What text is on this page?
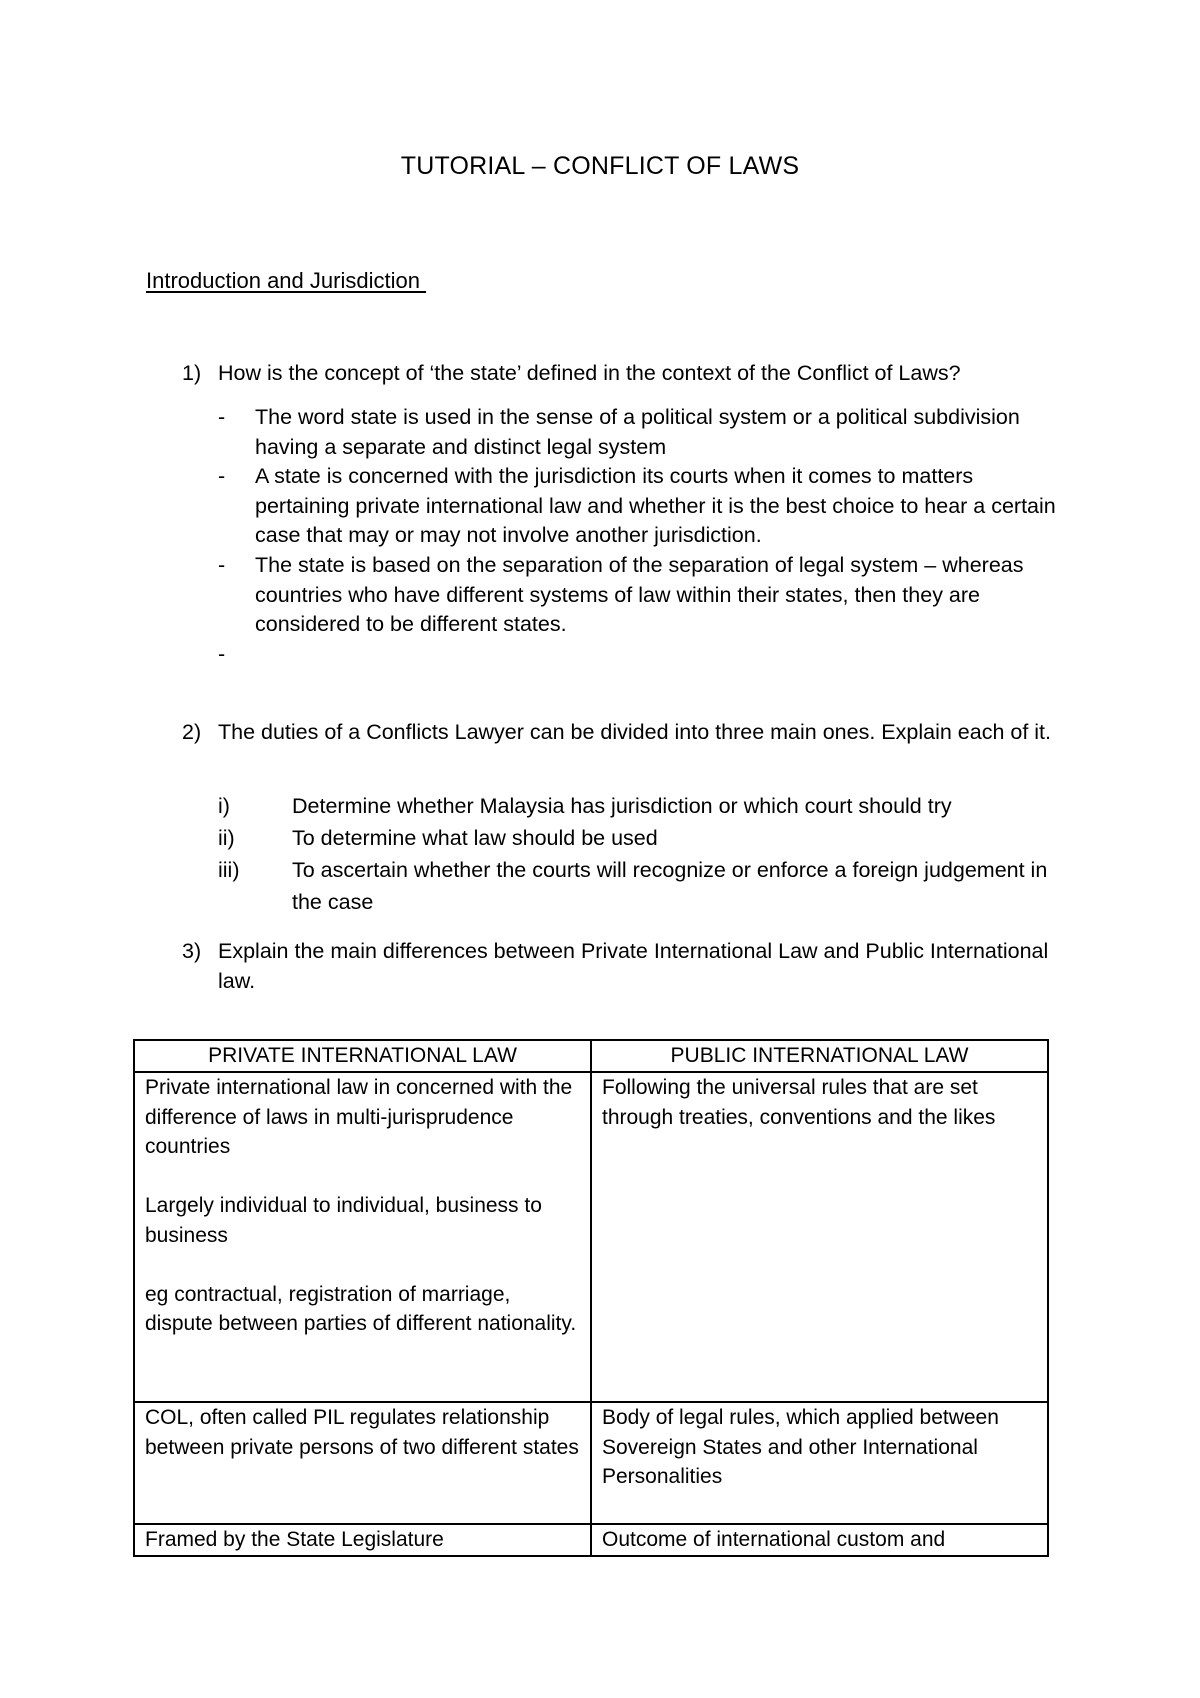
TUTORIAL – CONFLICT OF LAWS
Introduction and Jurisdiction
1) How is the concept of ‘the state’ defined in the context of the Conflict of Laws?
- The word state is used in the sense of a political system or a political subdivision having a separate and distinct legal system
- A state is concerned with the jurisdiction its courts when it comes to matters pertaining private international law and whether it is the best choice to hear a certain case that may or may not involve another jurisdiction.
- The state is based on the separation of the separation of legal system – whereas countries who have different systems of law within their states, then they are considered to be different states.
-
2) The duties of a Conflicts Lawyer can be divided into three main ones. Explain each of it.
i)	Determine whether Malaysia has jurisdiction or which court should try
ii)	To determine what law should be used
iii) To ascertain whether the courts will recognize or enforce a foreign judgement in the case
3) Explain the main differences between Private International Law and Public International law.
PRIVATE INTERNATIONAL LAW	PUBLIC INTERNATIONAL LAW

Private international law in concerned with the difference of laws in multi-jurisprudence countries

Largely individual to individual, business to business

eg contractual, registration of marriage, dispute between parties of different nationality.	Following the universal rules that are set through treaties, conventions and the likes

COL, often called PIL regulates relationship between private persons of two different states	Body of legal rules, which applied between Sovereign States and other International Personalities

Framed by the State Legislature	Outcome of international custom and
